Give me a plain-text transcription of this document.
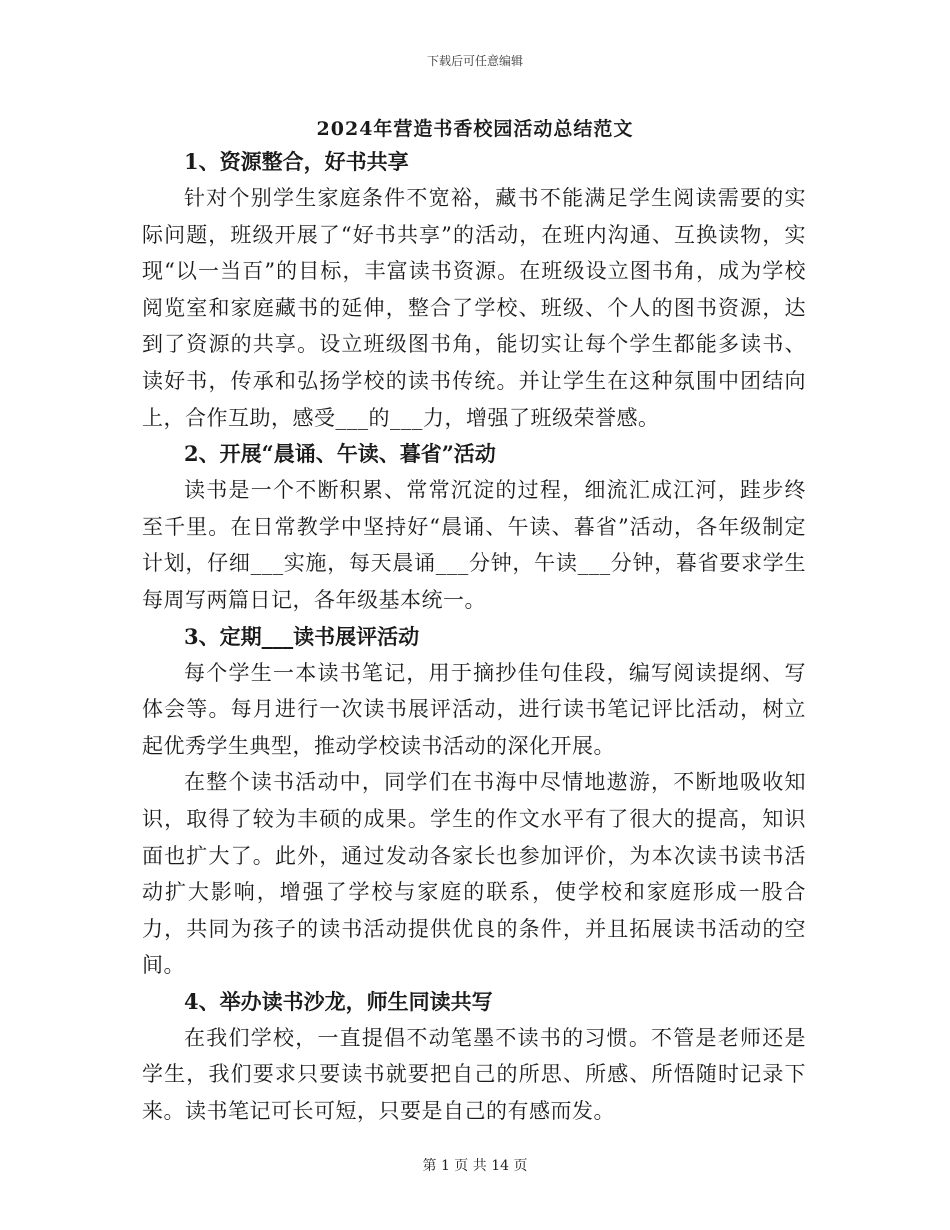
下载后可任意编辑
2024年营造书香校园活动总结范文

1、资源整合，好书共享

针对个别学生家庭条件不宽裕，藏书不能满足学生阅读需要的实际问题，班级开展了“好书共享”的活动，在班内沟通、互换读物，实现“以一当百”的目标，丰富读书资源。在班级设立图书角，成为学校阅览室和家庭藏书的延伸，整合了学校、班级、个人的图书资源，达到了资源的共享。设立班级图书角，能切实让每个学生都能多读书、读好书，传承和弘扬学校的读书传统。并让学生在这种氛围中团结向上，合作互助，感受___的___力，增强了班级荣誉感。

2、开展“晨诵、午读、暮省”活动

读书是一个不断积累、常常沉淀的过程，细流汇成江河，跬步终至千里。在日常教学中坚持好“晨诵、午读、暮省”活动，各年级制定计划，仔细___实施，每天晨诵___分钟，午读___分钟，暮省要求学生每周写两篇日记，各年级基本统一。

3、定期___读书展评活动

每个学生一本读书笔记，用于摘抄佳句佳段，编写阅读提纲、写体会等。每月进行一次读书展评活动，进行读书笔记评比活动，树立起优秀学生典型，推动学校读书活动的深化开展。

在整个读书活动中，同学们在书海中尽情地遨游，不断地吸收知识，取得了较为丰硕的成果。学生的作文水平有了很大的提高，知识面也扩大了。此外，通过发动各家长也参加评价，为本次读书读书活动扩大影响，增强了学校与家庭的联系，使学校和家庭形成一股合力，共同为孩子的读书活动提供优良的条件，并且拓展读书活动的空间。

4、举办读书沙龙，师生同读共写

在我们学校，一直提倡不动笔墨不读书的习惯。不管是老师还是学生，我们要求只要读书就要把自己的所思、所感、所悟随时记录下来。读书笔记可长可短，只要是自己的有感而发。

第 1 页 共 14 页
